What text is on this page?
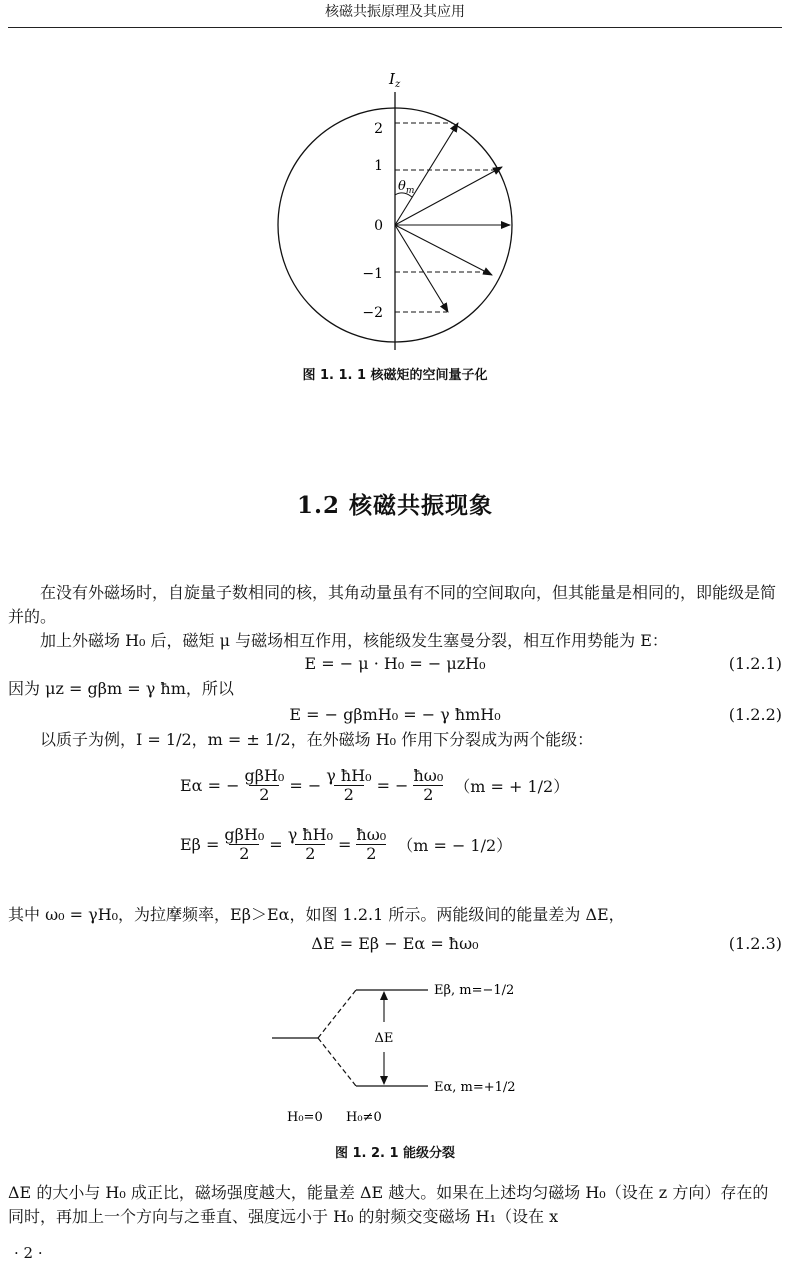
核磁共振原理及其应用
$I_z$
2
1
0
−1
−2
$\theta_m$
图 1. 1. 1 核磁矩的空间量子化
1.2 核磁共振现象
在没有外磁场时，自旋量子数相同的核，其角动量虽有不同的空间取向，但其能量是相同的，即能级是简并的。
加上外磁场 H₀ 后，磁矩 μ 与磁场相互作用，核能级发生塞曼分裂，相互作用势能为 E：
E = − μ · H₀ = − μzH₀	(1.2.1)
因为 μz = gβm = γ ħm，所以
E = − gβmH₀ = − γ ħmH₀	(1.2.2)
以质子为例，I = 1/2，m = ± 1/2，在外磁场 H₀ 作用下分裂成为两个能级：
Eα = − $\frac{\text{gβH₀}}{2}$ = − $\frac{\text{γ ħH₀}}{2}$ = − $\frac{\text{ħω₀}}{2} (m$ = + 1/2）
$E\beta = \frac{\text{gβH₀}}{2} = \frac{\text{γ ħH₀}}{2} = \frac{\text{ħω₀}}{2} (m$ = − 1/2）
其中 ω₀ = γH₀，为拉摩频率，Eβ＞Eα，如图 1.2.1 所示。两能级间的能量差为 ΔE，
ΔE = Eβ − Eα = ħω₀	(1.2.3)
ΔE
Eβ, m=−1/2
Eα, m=+1/2
H₀=0 H₀≠0
图 1. 2. 1 能级分裂
ΔE 的大小与 H₀ 成正比，磁场强度越大，能量差 ΔE 越大。如果在上述均匀磁场 H₀（设在 z 方向）存在的同时，再加上一个方向与之垂直、强度远小于 H₀ 的射频交变磁场 H₁（设在 x
· 2 ·
